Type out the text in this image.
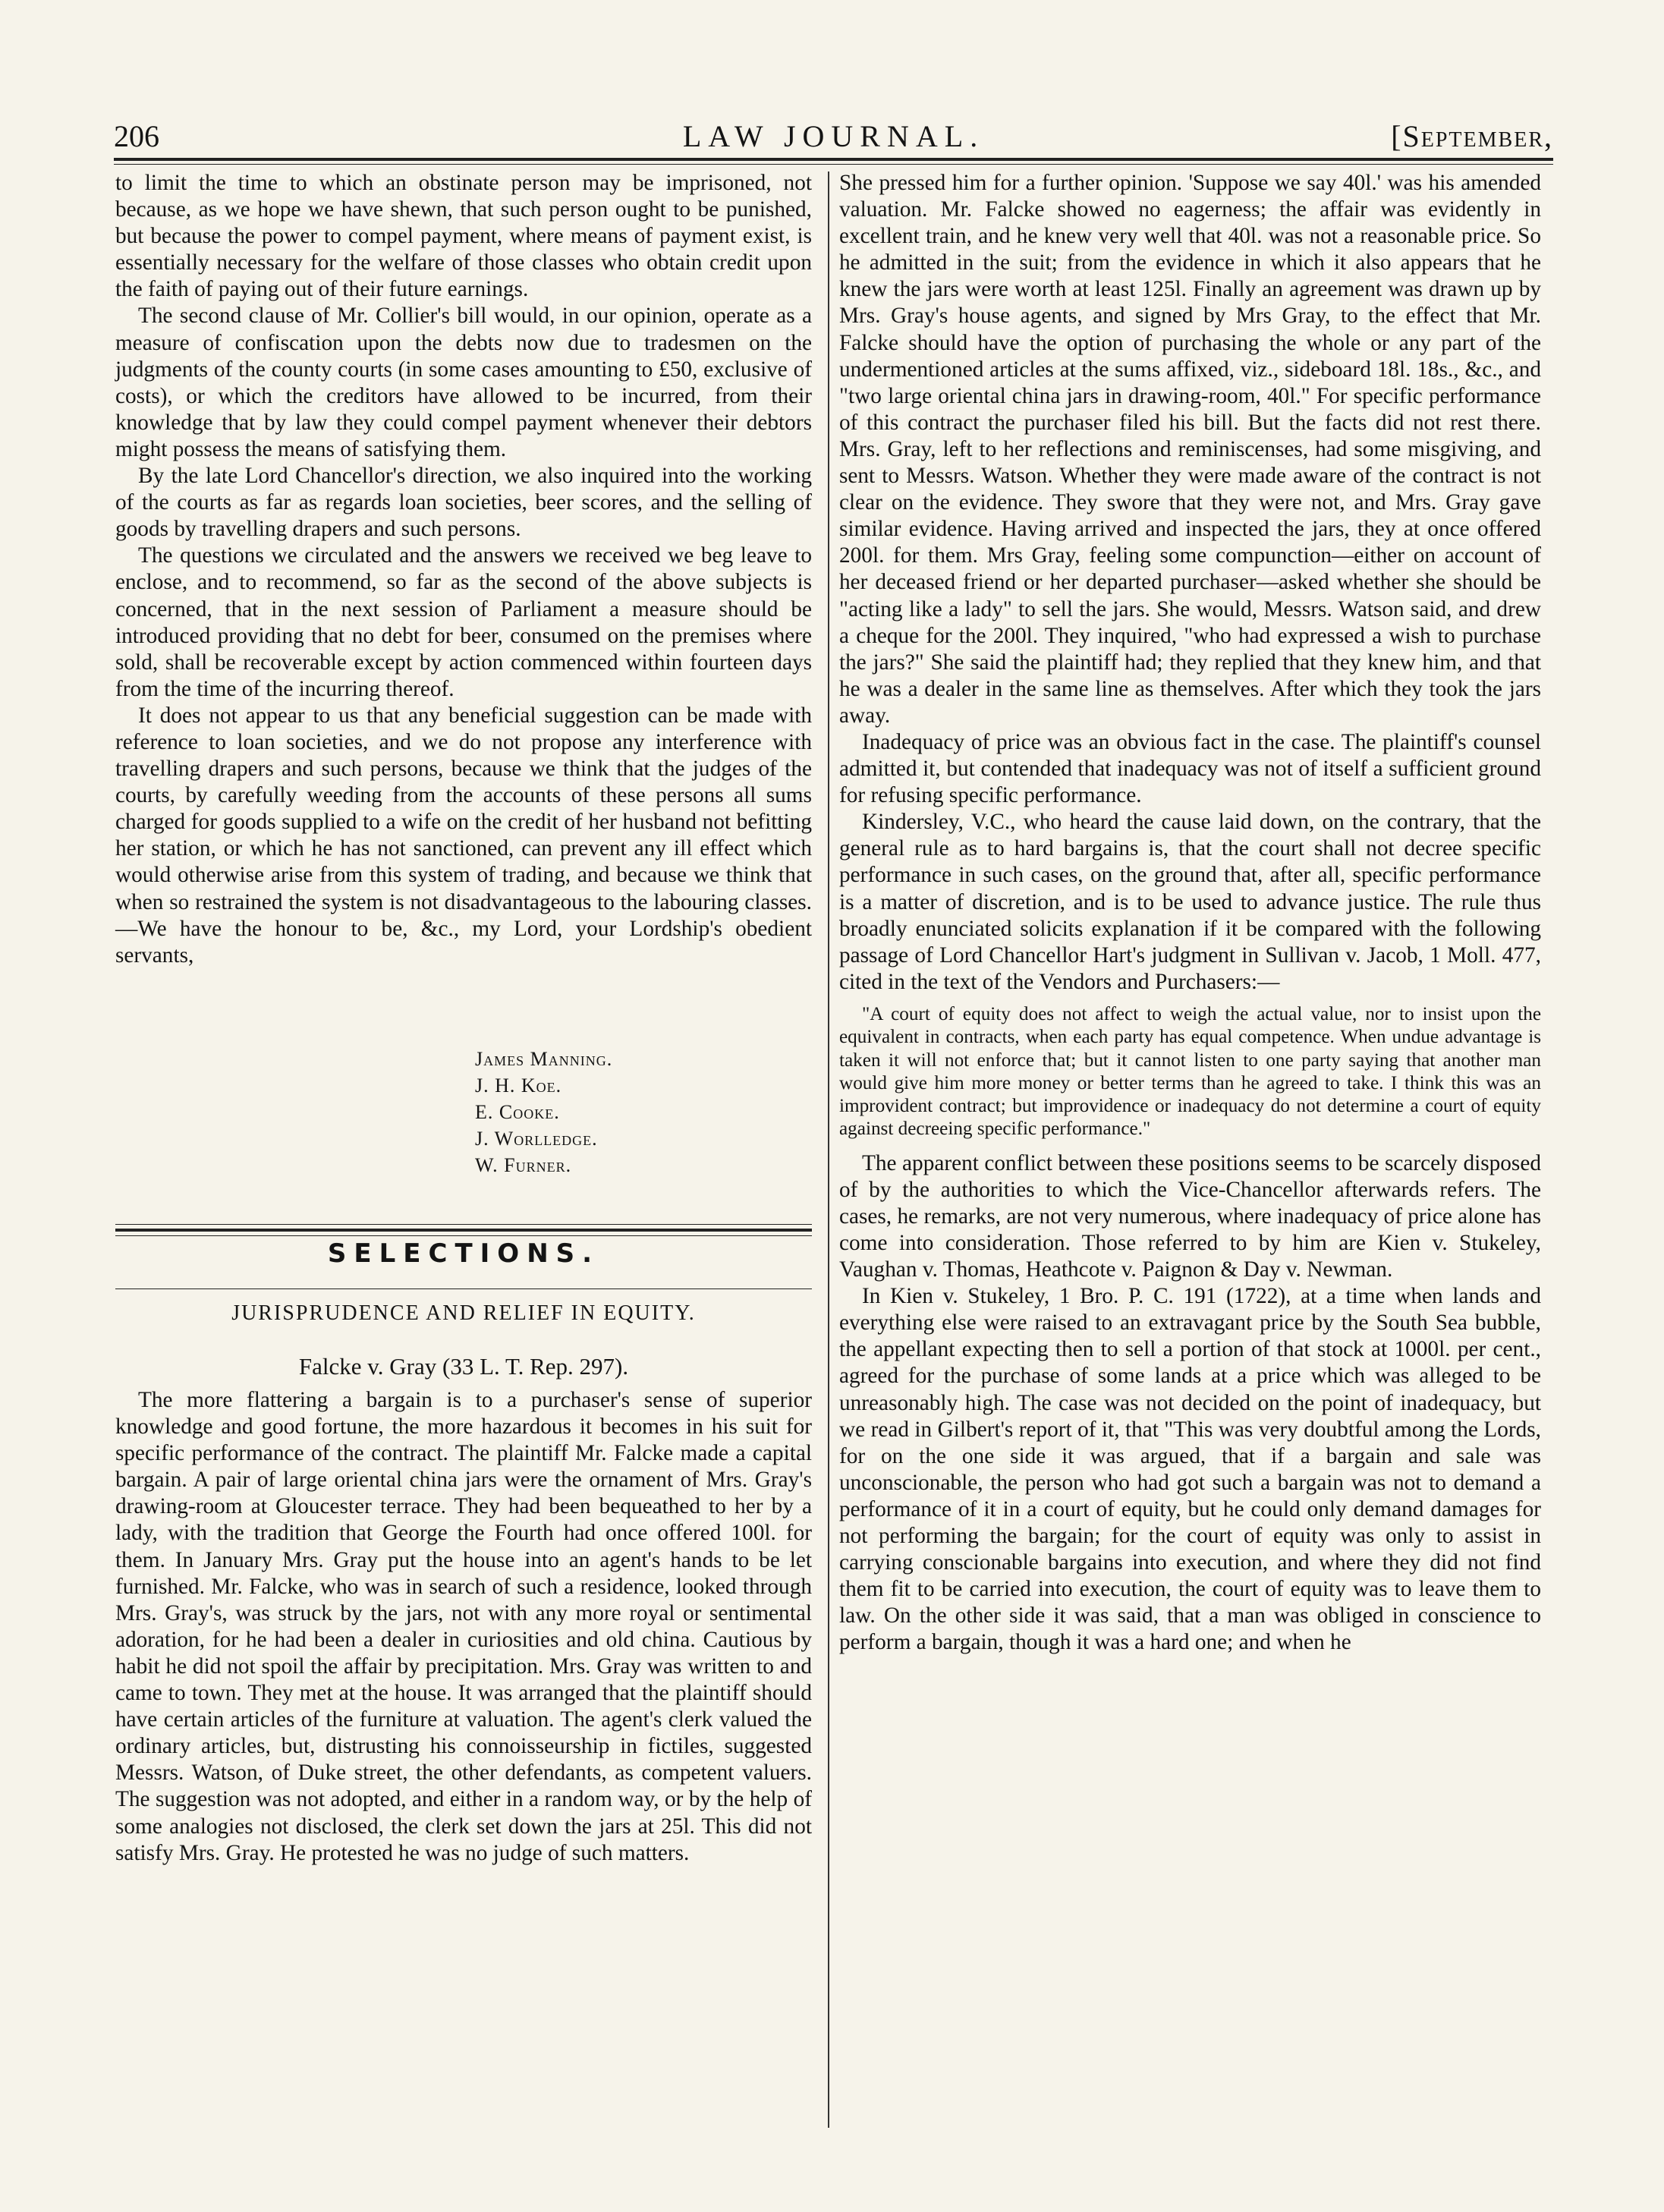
206	LAW JOURNAL.	[September,

to limit the time to which an obstinate person may be imprisoned, not because, as we hope we have shewn, that such person ought to be punished, but because the power to compel payment, where means of payment exist, is essentially necessary for the welfare of those classes who obtain credit upon the faith of paying out of their future earnings.

The second clause of Mr. Collier's bill would, in our opinion, operate as a measure of confiscation upon the debts now due to tradesmen on the judgments of the county courts (in some cases amounting to £50, exclusive of costs), or which the creditors have allowed to be incurred, from their knowledge that by law they could compel payment whenever their debtors might possess the means of satisfying them.

By the late Lord Chancellor's direction, we also inquired into the working of the courts as far as regards loan societies, beer scores, and the selling of goods by travelling drapers and such persons.

The questions we circulated and the answers we received we beg leave to enclose, and to recommend, so far as the second of the above subjects is concerned, that in the next session of Parliament a measure should be introduced providing that no debt for beer, consumed on the premises where sold, shall be recoverable except by action commenced within fourteen days from the time of the incurring thereof.

It does not appear to us that any beneficial suggestion can be made with reference to loan societies, and we do not propose any interference with travelling drapers and such persons, because we think that the judges of the courts, by carefully weeding from the accounts of these persons all sums charged for goods supplied to a wife on the credit of her husband not befitting her station, or which he has not sanctioned, can prevent any ill effect which would otherwise arise from this system of trading, and because we think that when so restrained the system is not disadvantageous to the labouring classes.—We have the honour to be, &c., my Lord, your Lordship's obedient servants,

James Manning.
J. H. Koe.
E. Cooke.
J. Worlledge.
W. Furner.
SELECTIONS.
JURISPRUDENCE AND RELIEF IN EQUITY.
Falcke v. Gray (33 L. T. Rep. 297).

The more flattering a bargain is to a purchaser's sense of superior knowledge and good fortune, the more hazardous it becomes in his suit for specific performance of the contract. The plaintiff Mr. Falcke made a capital bargain. A pair of large oriental china jars were the ornament of Mrs. Gray's drawing-room at Gloucester terrace. They had been bequeathed to her by a lady, with the tradition that George the Fourth had once offered 100l. for them. In January Mrs. Gray put the house into an agent's hands to be let furnished. Mr. Falcke, who was in search of such a residence, looked through Mrs. Gray's, was struck by the jars, not with any more royal or sentimental adoration, for he had been a dealer in curiosities and old china. Cautious by habit he did not spoil the affair by precipitation. Mrs. Gray was written to and came to town. They met at the house. It was arranged that the plaintiff should have certain articles of the furniture at valuation. The agent's clerk valued the ordinary articles, but, distrusting his connoisseurship in fictiles, suggested Messrs. Watson, of Duke street, the other defendants, as competent valuers. The suggestion was not adopted, and either in a random way, or by the help of some analogies not disclosed, the clerk set down the jars at 25l. This did not satisfy Mrs. Gray. He protested he was no judge of such matters.

She pressed him for a further opinion. 'Suppose we say 40l.' was his amended valuation. Mr. Falcke showed no eagerness; the affair was evidently in excellent train, and he knew very well that 40l. was not a reasonable price. So he admitted in the suit; from the evidence in which it also appears that he knew the jars were worth at least 125l. Finally an agreement was drawn up by Mrs. Gray's house agents, and signed by Mrs Gray, to the effect that Mr. Falcke should have the option of purchasing the whole or any part of the undermentioned articles at the sums affixed, viz., sideboard 18l. 18s., &c., and "two large oriental china jars in drawing-room, 40l." For specific performance of this contract the purchaser filed his bill. But the facts did not rest there. Mrs. Gray, left to her reflections and reminiscenses, had some misgiving, and sent to Messrs. Watson. Whether they were made aware of the contract is not clear on the evidence. They swore that they were not, and Mrs. Gray gave similar evidence. Having arrived and inspected the jars, they at once offered 200l. for them. Mrs Gray, feeling some compunction—either on account of her deceased friend or her departed purchaser—asked whether she should be "acting like a lady" to sell the jars. She would, Messrs. Watson said, and drew a cheque for the 200l. They inquired, "who had expressed a wish to purchase the jars?" She said the plaintiff had; they replied that they knew him, and that he was a dealer in the same line as themselves. After which they took the jars away.

Inadequacy of price was an obvious fact in the case. The plaintiff's counsel admitted it, but contended that inadequacy was not of itself a sufficient ground for refusing specific performance.

Kindersley, V.C., who heard the cause laid down, on the contrary, that the general rule as to hard bargains is, that the court shall not decree specific performance in such cases, on the ground that, after all, specific performance is a matter of discretion, and is to be used to advance justice. The rule thus broadly enunciated solicits explanation if it be compared with the following passage of Lord Chancellor Hart's judgment in Sullivan v. Jacob, 1 Moll. 477, cited in the text of the Vendors and Purchasers:—

"A court of equity does not affect to weigh the actual value, nor to insist upon the equivalent in contracts, when each party has equal competence. When undue advantage is taken it will not enforce that; but it cannot listen to one party saying that another man would give him more money or better terms than he agreed to take. I think this was an improvident contract; but improvidence or inadequacy do not determine a court of equity against decreeing specific performance."

The apparent conflict between these positions seems to be scarcely disposed of by the authorities to which the Vice-Chancellor afterwards refers. The cases, he remarks, are not very numerous, where inadequacy of price alone has come into consideration. Those referred to by him are Kien v. Stukeley, Vaughan v. Thomas, Heathcote v. Paignon & Day v. Newman.

In Kien v. Stukeley, 1 Bro. P. C. 191 (1722), at a time when lands and everything else were raised to an extravagant price by the South Sea bubble, the appellant expecting then to sell a portion of that stock at 1000l. per cent., agreed for the purchase of some lands at a price which was alleged to be unreasonably high. The case was not decided on the point of inadequacy, but we read in Gilbert's report of it, that "This was very doubtful among the Lords, for on the one side it was argued, that if a bargain and sale was unconscionable, the person who had got such a bargain was not to demand a performance of it in a court of equity, but he could only demand damages for not performing the bargain; for the court of equity was only to assist in carrying conscionable bargains into execution, and where they did not find them fit to be carried into execution, the court of equity was to leave them to law. On the other side it was said, that a man was obliged in conscience to perform a bargain, though it was a hard one; and when he
